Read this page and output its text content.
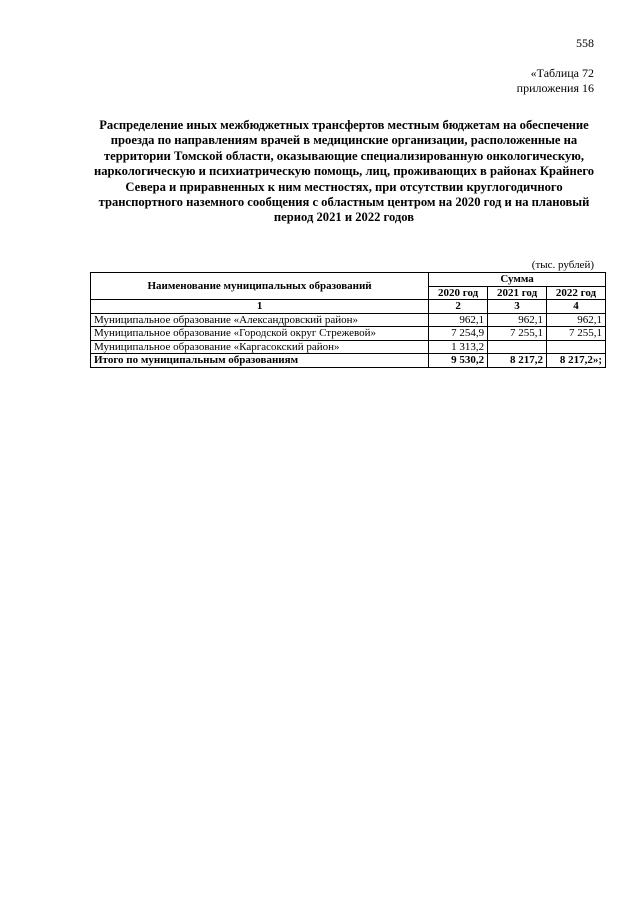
558
«Таблица 72
приложения 16
Распределение иных межбюджетных трансфертов местным бюджетам на обеспечение проезда по направлениям врачей в медицинские организации, расположенные на территории Томской области, оказывающие специализированную онкологическую, наркологическую и психиатрическую помощь, лиц, проживающих в районах Крайнего Севера и приравненных к ним местностях, при отсутствии круглогодичного транспортного наземного сообщения с областным центром на 2020 год и на плановый период 2021 и 2022 годов
(тыс. рублей)
Наименование муниципальных образований	Сумма		
	2020 год	2021 год	2022 год
1	2	3	4
Муниципальное образование «Александровский район»	962,1	962,1	962,1
Муниципальное образование «Городской округ Стрежевой»	7 254,9	7 255,1	7 255,1
Муниципальное образование «Каргасокский район»	1 313,2		
Итого по муниципальным образованиям	9 530,2	8 217,2	8 217,2»;
